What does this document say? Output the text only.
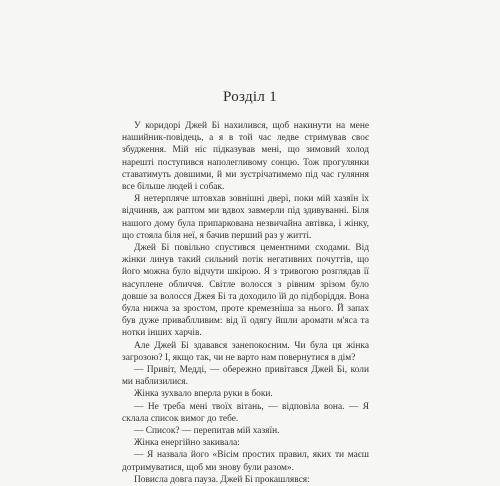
Розділ 1

У коридорі Джей Бі нахилився, щоб накинути на мене нашийник-повідець, а я в той час ледве стримував своє збудження. Мій ніс підказував мені, що зимовий холод нарешті поступився наполегливому сонцю. Тож прогулянки ставатимуть довшими, й ми зустрічатимемо під час гуляння все більше людей і собак.

Я нетерпляче штовхав зовнішні двері, поки мій хазяїн їх відчиняв, аж раптом ми вдвох завмерли під здивуванні. Біля нашого дому була припаркована незвичайна автівка, і жінку, що стояла біля неї, я бачив перший раз у житті.

Джей Бі повільно спустився цементними сходами. Від жінки линув такий сильний потік негативних почуттів, що його можна було відчути шкірою. Я з тривогою розглядав її насуплене обличчя. Світле волосся з рівним зрізом було довше за волосся Джея Бі та доходило їй до підборіддя. Вона була нижча за зростом, проте кремезніша за нього. Й запах був дуже приваблливим: від її одягу йшли аромати м'яса та нотки інших харчів.

Але Джей Бі здавався занепокоєним. Чи була ця жінка загрозою? І, якщо так, чи не варто нам повернутися в дім?

— Привіт, Медді, — обережно привітався Джей Бі, коли ми наблизилися.

Жінка зухвало вперла руки в боки.

— Не треба мені твоїх вітань, — відповіла вона. — Я склала список вимог до тебе.

— Список? — перепитав мій хазяїн.

Жінка енергійно закивала:

— Я назвала його «Вісім простих правил, яких ти маєш дотримуватися, щоб ми знову були разом».

Повисла довга пауза. Джей Бі прокашлявся:
